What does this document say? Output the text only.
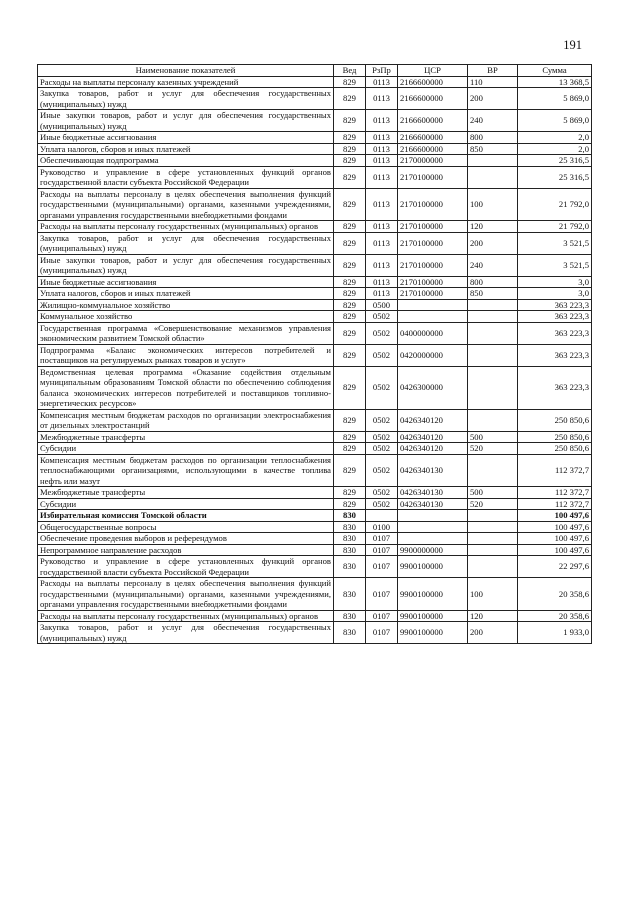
191
Наименование показателей	Вед	РзПр	ЦСР	ВР	Сумма
Расходы на выплаты персоналу казенных учреждений	829	0113	2166600000	110	13 368,5
Закупка товаров, работ и услуг для обеспечения государственных (муниципальных) нужд	829	0113	2166600000	200	5 869,0
Иные закупки товаров, работ и услуг для обеспечения государственных (муниципальных) нужд	829	0113	2166600000	240	5 869,0
Иные бюджетные ассигнования	829	0113	2166600000	800	2,0
Уплата налогов, сборов и иных платежей	829	0113	2166600000	850	2,0
Обеспечивающая подпрограмма	829	0113	2170000000		25 316,5
Руководство и управление в сфере установленных функций органов государственной власти субъекта Российской Федерации	829	0113	2170100000		25 316,5
Расходы на выплаты персоналу в целях обеспечения выполнения функций государственными (муниципальными) органами, казенными учреждениями, органами управления государственными внебюджетными фондами	829	0113	2170100000	100	21 792,0
Расходы на выплаты персоналу государственных (муниципальных) органов	829	0113	2170100000	120	21 792,0
Закупка товаров, работ и услуг для обеспечения государственных (муниципальных) нужд	829	0113	2170100000	200	3 521,5
Иные закупки товаров, работ и услуг для обеспечения государственных (муниципальных) нужд	829	0113	2170100000	240	3 521,5
Иные бюджетные ассигнования	829	0113	2170100000	800	3,0
Уплата налогов, сборов и иных платежей	829	0113	2170100000	850	3,0
Жилищно-коммунальное хозяйство	829	0500			363 223,3
Коммунальное хозяйство	829	0502			363 223,3
Государственная программа «Совершенствование механизмов управления экономическим развитием Томской области»	829	0502	0400000000		363 223,3
Подпрограмма «Баланс экономических интересов потребителей и поставщиков на регулируемых рынках товаров и услуг»	829	0502	0420000000		363 223,3
Ведомственная целевая программа «Оказание содействия отдельным муниципальным образованиям Томской области по обеспечению соблюдения баланса экономических интересов потребителей и поставщиков топливно-энергетических ресурсов»	829	0502	0426300000		363 223,3
Компенсация местным бюджетам расходов по организации электроснабжения от дизельных электростанций	829	0502	0426340120		250 850,6
Межбюджетные трансферты	829	0502	0426340120	500	250 850,6
Субсидии	829	0502	0426340120	520	250 850,6
Компенсация местным бюджетам расходов по организации теплоснабжения теплоснабжающими организациями, использующими в качестве топлива нефть или мазут	829	0502	0426340130		112 372,7
Межбюджетные трансферты	829	0502	0426340130	500	112 372,7
Субсидии	829	0502	0426340130	520	112 372,7
Избирательная комиссия Томской области	830				100 497,6
Общегосударственные вопросы	830	0100			100 497,6
Обеспечение проведения выборов и референдумов	830	0107			100 497,6
Непрограммное направление расходов	830	0107	9900000000		100 497,6
Руководство и управление в сфере установленных функций органов государственной власти субъекта Российской Федерации	830	0107	9900100000		22 297,6
Расходы на выплаты персоналу в целях обеспечения выполнения функций государственными (муниципальными) органами, казенными учреждениями, органами управления государственными внебюджетными фондами	830	0107	9900100000	100	20 358,6
Расходы на выплаты персоналу государственных (муниципальных) органов	830	0107	9900100000	120	20 358,6
Закупка товаров, работ и услуг для обеспечения государственных (муниципальных) нужд	830	0107	9900100000	200	1 933,0
